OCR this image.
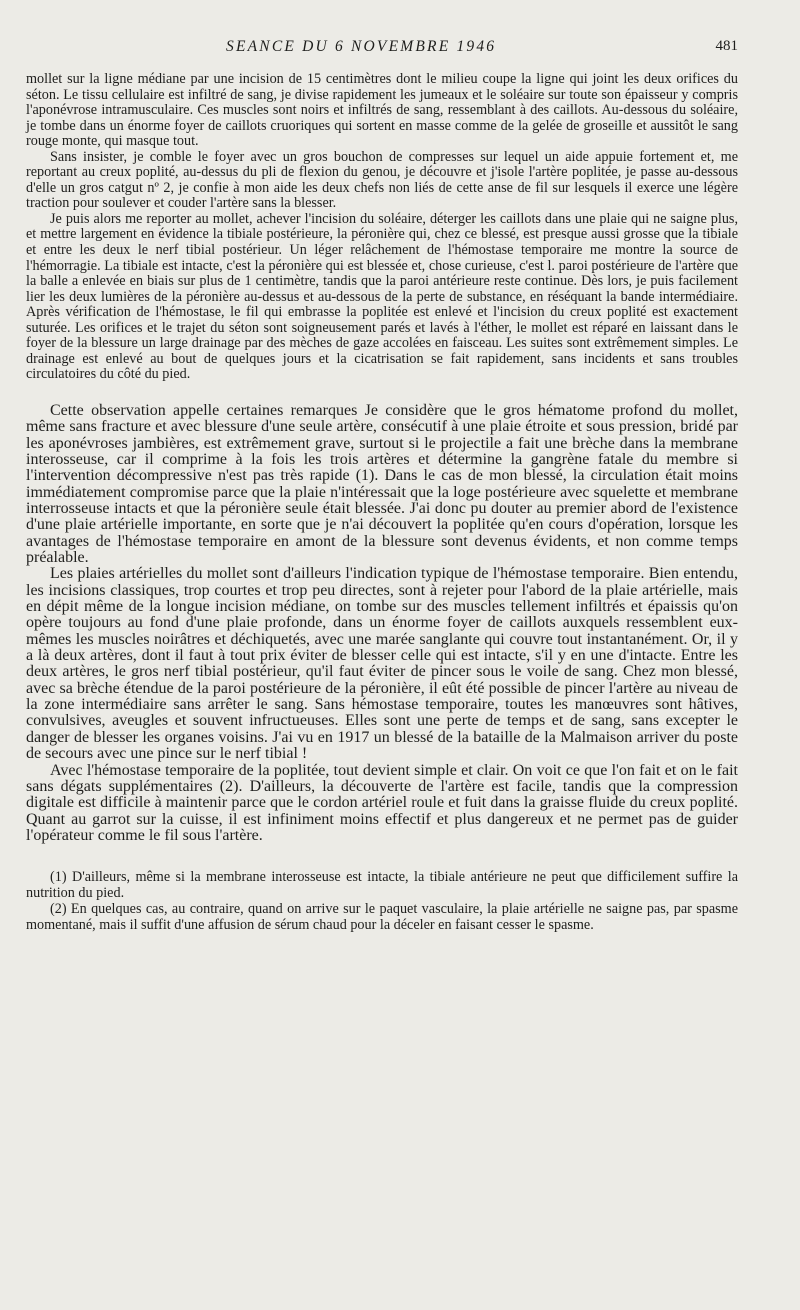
SEANCE DU 6 NOVEMBRE 1946	481

mollet sur la ligne médiane par une incision de 15 centimètres dont le milieu coupe la ligne qui joint les deux orifices du séton. Le tissu cellulaire est infiltré de sang, je divise rapidement les jumeaux et le soléaire sur toute son épaisseur y compris l'aponévrose intramusculaire. Ces muscles sont noirs et infiltrés de sang, ressemblant à des caillots. Au-dessous du soléaire, je tombe dans un énorme foyer de caillots cruoriques qui sortent en masse comme de la gelée de groseille et aussitôt le sang rouge monte, qui masque tout.

Sans insister, je comble le foyer avec un gros bouchon de compresses sur lequel un aide appuie fortement et, me reportant au creux poplité, au-dessus du pli de flexion du genou, je découvre et j'isole l'artère poplitée, je passe au-dessous d'elle un gros catgut nº 2, je confie à mon aide les deux chefs non liés de cette anse de fil sur lesquels il exerce une légère traction pour soulever et couder l'artère sans la blesser.

Je puis alors me reporter au mollet, achever l'incision du soléaire, déterger les caillots dans une plaie qui ne saigne plus, et mettre largement en évidence la tibiale postérieure, la péronière qui, chez ce blessé, est presque aussi grosse que la tibiale et entre les deux le nerf tibial postérieur. Un léger relâchement de l'hémostase temporaire me montre la source de l'hémorragie. La tibiale est intacte, c'est la péronière qui est blessée et, chose curieuse, c'est l. paroi postérieure de l'artère que la balle a enlevée en biais sur plus de 1 centimètre, tandis que la paroi antérieure reste continue. Dès lors, je puis facilement lier les deux lumières de la péronière au-dessus et au-dessous de la perte de substance, en réséquant la bande intermédiaire. Après vérification de l'hémostase, le fil qui embrasse la poplitée est enlevé et l'incision du creux poplité est exactement suturée. Les orifices et le trajet du séton sont soigneusement parés et lavés à l'éther, le mollet est réparé en laissant dans le foyer de la blessure un large drainage par des mèches de gaze accolées en faisceau. Les suites sont extrêmement simples. Le drainage est enlevé au bout de quelques jours et la cicatrisation se fait rapidement, sans incidents et sans troubles circulatoires du côté du pied.

Cette observation appelle certaines remarques Je considère que le gros hématome profond du mollet, même sans fracture et avec blessure d'une seule artère, consécutif à une plaie étroite et sous pression, bridé par les aponévroses jambières, est extrêmement grave, surtout si le projectile a fait une brèche dans la membrane interosseuse, car il comprime à la fois les trois artères et détermine la gangrène fatale du membre si l'intervention décompressive n'est pas très rapide (1). Dans le cas de mon blessé, la circulation était moins immédiatement compromise parce que la plaie n'intéressait que la loge postérieure avec squelette et membrane interrosseuse intacts et que la péronière seule était blessée. J'ai donc pu douter au premier abord de l'existence d'une plaie artérielle importante, en sorte que je n'ai découvert la poplitée qu'en cours d'opération, lorsque les avantages de l'hémostase temporaire en amont de la blessure sont devenus évidents, et non comme temps préalable.

Les plaies artérielles du mollet sont d'ailleurs l'indication typique de l'hémostase temporaire. Bien entendu, les incisions classiques, trop courtes et trop peu directes, sont à rejeter pour l'abord de la plaie artérielle, mais en dépit même de la longue incision médiane, on tombe sur des muscles tellement infiltrés et épaissis qu'on opère toujours au fond d'une plaie profonde, dans un énorme foyer de caillots auxquels ressemblent eux-mêmes les muscles noirâtres et déchiquetés, avec une marée sanglante qui couvre tout instantanément. Or, il y a là deux artères, dont il faut à tout prix éviter de blesser celle qui est intacte, s'il y en une d'intacte. Entre les deux artères, le gros nerf tibial postérieur, qu'il faut éviter de pincer sous le voile de sang. Chez mon blessé, avec sa brèche étendue de la paroi postérieure de la péronière, il eût été possible de pincer l'artère au niveau de la zone intermédiaire sans arrêter le sang. Sans hémostase temporaire, toutes les manœuvres sont hâtives, convulsives, aveugles et souvent infructueuses. Elles sont une perte de temps et de sang, sans excepter le danger de blesser les organes voisins. J'ai vu en 1917 un blessé de la bataille de la Malmaison arriver du poste de secours avec une pince sur le nerf tibial !

Avec l'hémostase temporaire de la poplitée, tout devient simple et clair. On voit ce que l'on fait et on le fait sans dégats supplémentaires (2). D'ailleurs, la découverte de l'artère est facile, tandis que la compression digitale est difficile à maintenir parce que le cordon artériel roule et fuit dans la graisse fluide du creux poplité. Quant au garrot sur la cuisse, il est infiniment moins effectif et plus dangereux et ne permet pas de guider l'opérateur comme le fil sous l'artère.

(1) D'ailleurs, même si la membrane interosseuse est intacte, la tibiale antérieure ne peut que difficilement suffire la nutrition du pied.

(2) En quelques cas, au contraire, quand on arrive sur le paquet vasculaire, la plaie artérielle ne saigne pas, par spasme momentané, mais il suffit d'une affusion de sérum chaud pour la déceler en faisant cesser le spasme.
